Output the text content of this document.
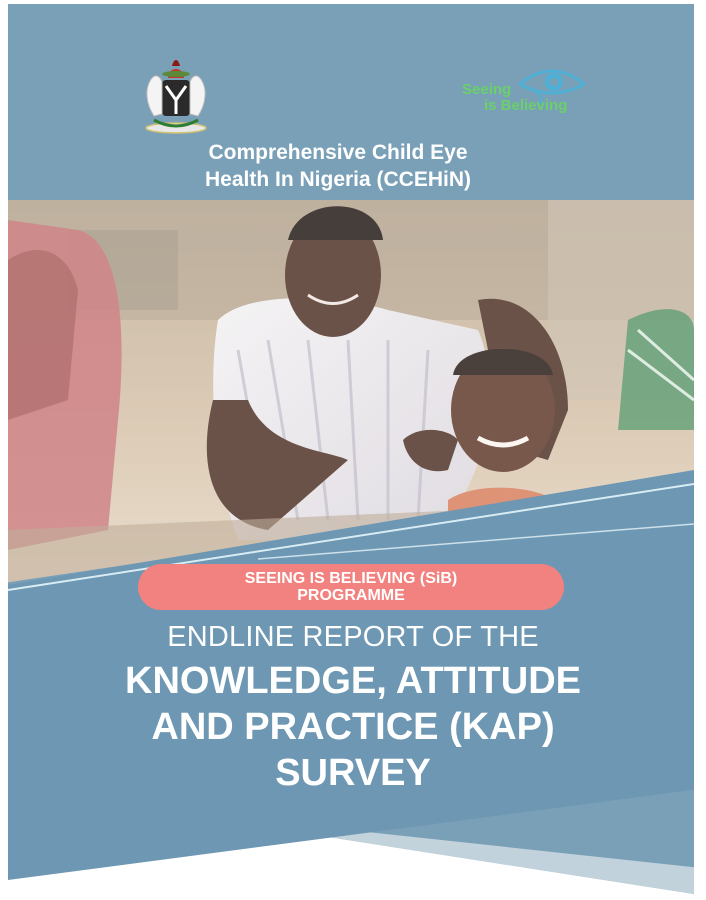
Seeing
is Believing
Comprehensive Child Eye
Health In Nigeria (CCEHiN)
SEEING IS BELIEVING (SiB)
PROGRAMME
ENDLINE REPORT OF THE
KNOWLEDGE, ATTITUDE
AND PRACTICE (KAP)
SURVEY
